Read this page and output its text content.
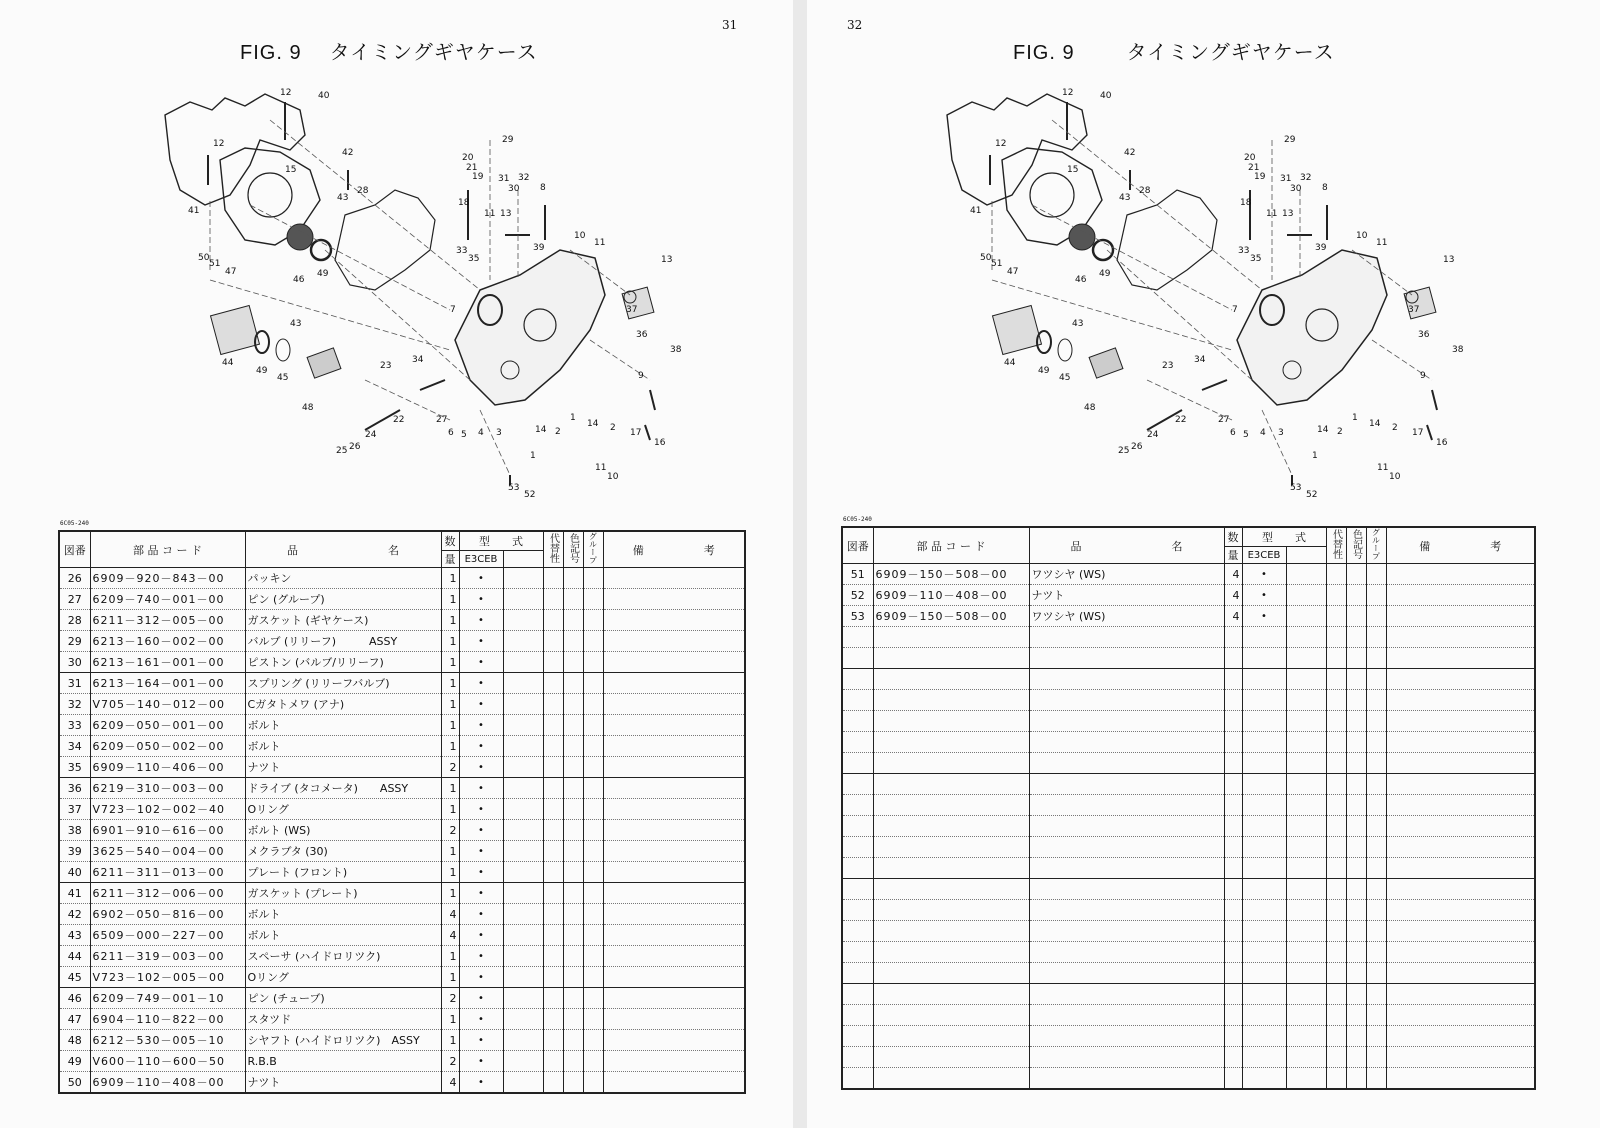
31
FIG. 9 タイミングギヤケース
1
2
3
4
5
6
7
8
9
10
11
12
13
14
15
16
17
18
19
20
21
22
23
24
25 26
27
28
29
30
31 32
33
34
35
36
37
38
39
40
41
42
43
44
45
46
47
48
49
50
51
52
53
11
13
14
11
10
43
49
12
2
1
6C05-240
図番	部 品 コ ー ド	品 名	数	型 式		代替性	色記号	グループ	備 考
			量	E3CEB					
26	6909－920－843－00	パッキン	1	•					
27	6209－740－001－00	ピン (グループ)	1	•					
28	6211－312－005－00	ガスケット (ギヤケース)	1	•					
29	6213－160－002－00	バルブ (リリーフ)　　　ASSY	1	•					
30	6213－161－001－00	ピストン (バルブ/リリーフ)	1	•					
31	6213－164－001－00	スプリング (リリーフバルブ)	1	•					
32	V705－140－012－00	Cガタトメワ (アナ)	1	•					
33	6209－050－001－00	ボルト	1	•					
34	6209－050－002－00	ボルト	1	•					
35	6909－110－406－00	ナツト	2	•					
36	6219－310－003－00	ドライブ (タコメータ)　　ASSY	1	•					
37	V723－102－002－40	Oリング	1	•					
38	6901－910－616－00	ボルト (WS)	2	•					
39	3625－540－004－00	メクラブタ (30)	1	•					
40	6211－311－013－00	プレート (フロント)	1	•					
41	6211－312－006－00	ガスケット (プレート)	1	•					
42	6902－050－816－00	ボルト	4	•					
43	6509－000－227－00	ボルト	4	•					
44	6211－319－003－00	スペーサ (ハイドロリツク)	1	•					
45	V723－102－005－00	Oリング	1	•					
46	6209－749－001－10	ピン (チューブ)	2	•					
47	6904－110－822－00	スタツド	1	•					
48	6212－530－005－10	シヤフト (ハイドロリツク)　ASSY	1	•					
49	V600－110－600－50	R.B.B	2	•					
50	6909－110－408－00	ナツト	4	•					
32
FIG. 9	タイミングギヤケース
1
2
3
4
5
6
7
8
9
10
11
12
13
14
15
16
17
18
19
20
21
22
23
24
25 26
27
28
29
30
31 32
33
34
35
36
37
38
39
40
41
42
43
44
45
46
47
48
49
50
51
52
53
11
13
14
11
10
43
49
12
2
1
6C05-240
図番	部 品 コ ー ド	品 名	数	型 式		代替性	色記号	グループ	備 考
			量	E3CEB					
51	6909－150－508－00	ワツシヤ (WS)	4	•					
52	6909－110－408－00	ナツト	4	•					
53	6909－150－508－00	ワツシヤ (WS)	4	•					
